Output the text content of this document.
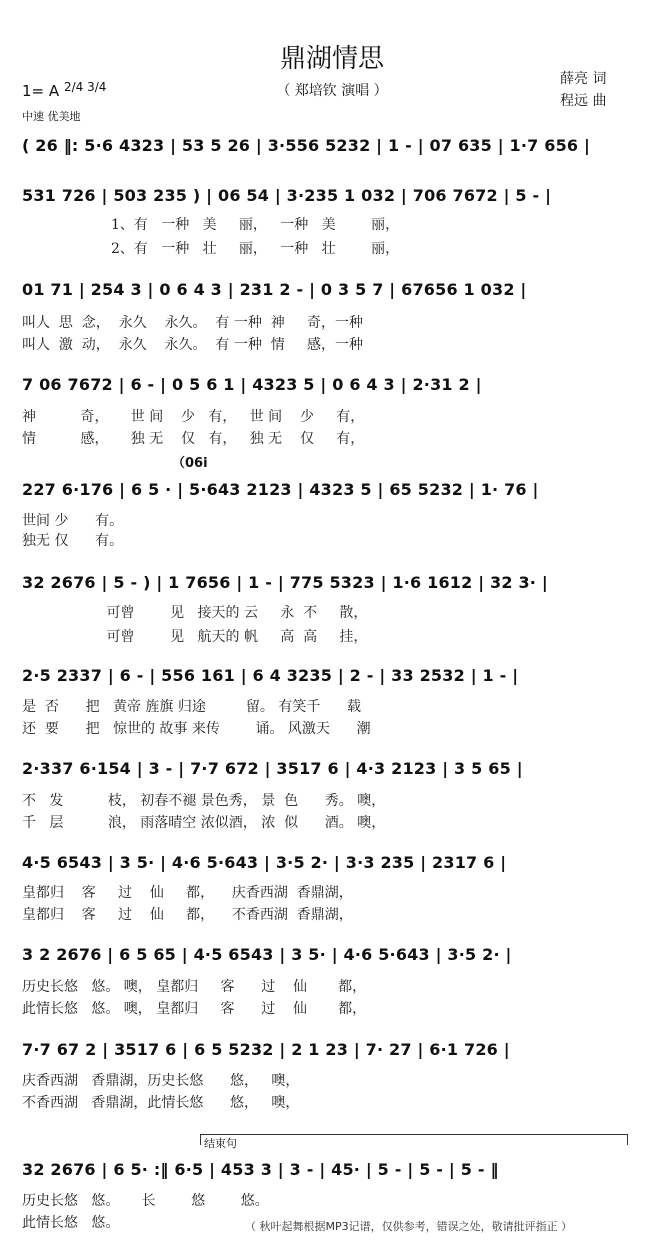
鼎湖情思
（ 郑培钦 演唱 ）
薛亮 词
程远 曲
1= A 2/4 3/4
中速 优美地
( 26 ‖: 5·6 4323 | 53 5 26 | 3·556 5232 | 1 - | 07 635 | 1·7 656 |
531 726 | 503 235 ) | 06 54 | 3·235 1 032 | 706 7672 | 5 - |
1、有   一种   美     丽，   一种   美        丽，
2、有   一种   壮     丽，   一种   壮        丽，
01 71 | 254 3 | 0 6 4 3 | 231 2 - | 0 3 5 7 | 67656 1 032 |
叫人  思  念，  永久    永久。  有 一种  神     奇，一种
叫人  激  动，  永久    永久。  有 一种  情     感，一种
7 06 7672 | 6 - | 0 5 6 1 | 4323 5 | 0 6 4 3 | 2·31 2 |
神          奇，     世 间    少   有，   世 间    少     有，
情          感，     独 无    仅   有，   独 无    仅     有，
（06i
227 6·176 | 6 5 · | 5·643 2123 | 4323 5 | 65 5232 | 1· 76 |
世间 少      有。
独无 仅      有。
32 2676 | 5 - ) | 1 7656 | 1 - | 775 5323 | 1·6 1612 | 32 3· |
可曾        见   接天的 云     永  不     散，
可曾        见   航天的 帆     高  高     挂，
2·5 2337 | 6 - | 556 161 | 6 4 3235 | 2 - | 33 2532 | 1 - |
是  否      把   黄帝 旌旗 归途         留。 有笑千      载
还  要      把   惊世的 故事 来传        诵。 风激天      潮
2·337 6·154 | 3 - | 7·7 672 | 3517 6 | 4·3 2123 | 3 5 65 |
不   发          枝， 初春不褪 景色秀， 景  色      秀。 噢，
千   层          浪， 雨落晴空 浓似酒， 浓  似      酒。 噢，
4·5 6543 | 3 5· | 4·6 5·643 | 3·5 2· | 3·3 235 | 2317 6 |
皇都归    客     过    仙     都，    庆香西湖  香鼎湖，
皇都归    客     过    仙     都，    不香西湖  香鼎湖，
3 2 2676 | 6 5 65 | 4·5 6543 | 3 5· | 4·6 5·643 | 3·5 2· |
历史长悠   悠。 噢， 皇都归     客      过    仙       都，
此情长悠   悠。 噢， 皇都归     客      过    仙       都，
7·7 67 2 | 3517 6 | 6 5 5232 | 2 1 23 | 7· 27 | 6·1 726 |
庆香西湖   香鼎湖，历史长悠      悠，   噢，
不香西湖   香鼎湖，此情长悠      悠，   噢，
结束句
32 2676 | 6 5· :‖ 6·5 | 453 3 | 3 - | 45· | 5 - | 5 - | 5 - ‖
历史长悠   悠。     长        悠        悠。
此情长悠   悠。	（ 秋叶起舞根据MP3记谱，仅供参考，错误之处，敬请批评指正 ）
